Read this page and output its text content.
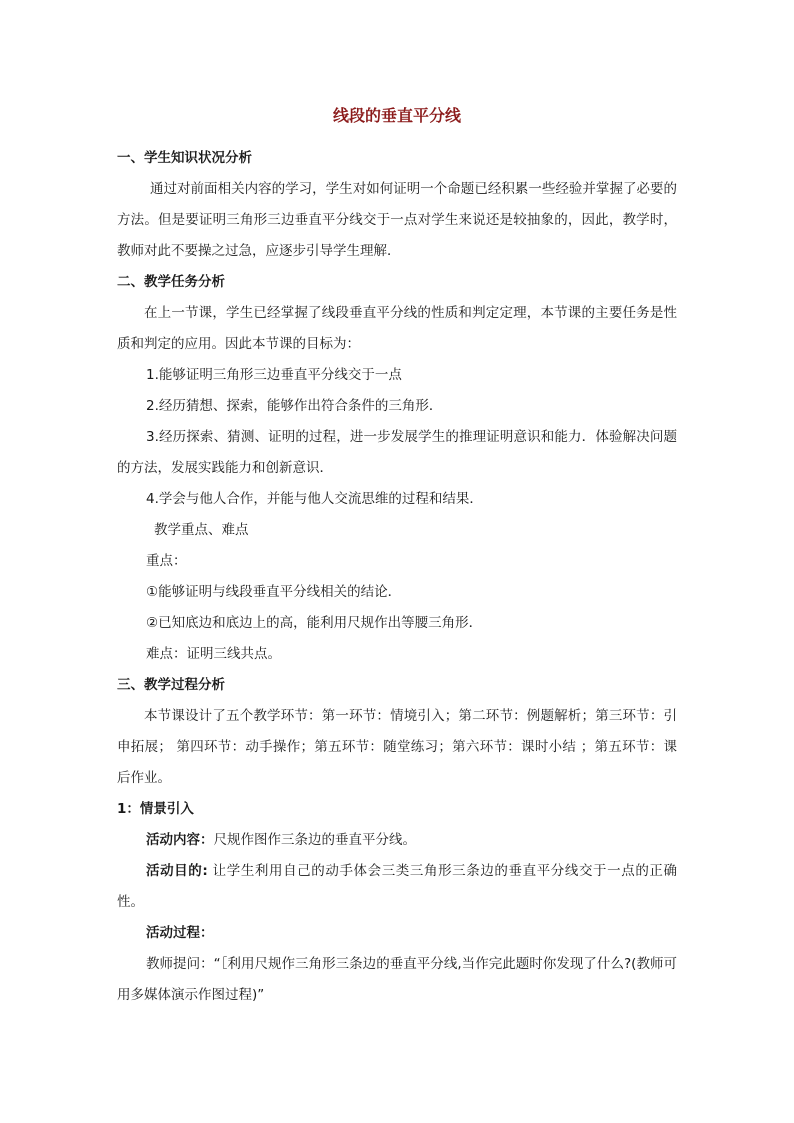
线段的垂直平分线

一、学生知识状况分析

通过对前面相关内容的学习，学生对如何证明一个命题已经积累一些经验并掌握了必要的方法。但是要证明三角形三边垂直平分线交于一点对学生来说还是较抽象的，因此，教学时，教师对此不要操之过急，应逐步引导学生理解．

二、教学任务分析

在上一节课，学生已经掌握了线段垂直平分线的性质和判定定理，本节课的主要任务是性质和判定的应用。因此本节课的目标为：

1.能够证明三角形三边垂直平分线交于一点

2.经历猜想、探索，能够作出符合条件的三角形．

3.经历探索、猜测、证明的过程，进一步发展学生的推理证明意识和能力．体验解决问题的方法，发展实践能力和创新意识．

4.学会与他人合作，并能与他人交流思维的过程和结果．

教学重点、难点

重点：

①能够证明与线段垂直平分线相关的结论．

②已知底边和底边上的高，能利用尺规作出等腰三角形．

难点：证明三线共点。

三、教学过程分析

本节课设计了五个教学环节：第一环节：情境引入；第二环节：例题解析；第三环节：引申拓展； 第四环节：动手操作；第五环节：随堂练习；第六环节：课时小结 ；第五环节：课后作业。

1：情景引入

活动内容：尺规作图作三条边的垂直平分线。

活动目的: 让学生利用自己的动手体会三类三角形三条边的垂直平分线交于一点的正确性。

活动过程：

教师提问：“［利用尺规作三角形三条边的垂直平分线,当作完此题时你发现了什么?(教师可用多媒体演示作图过程)”
